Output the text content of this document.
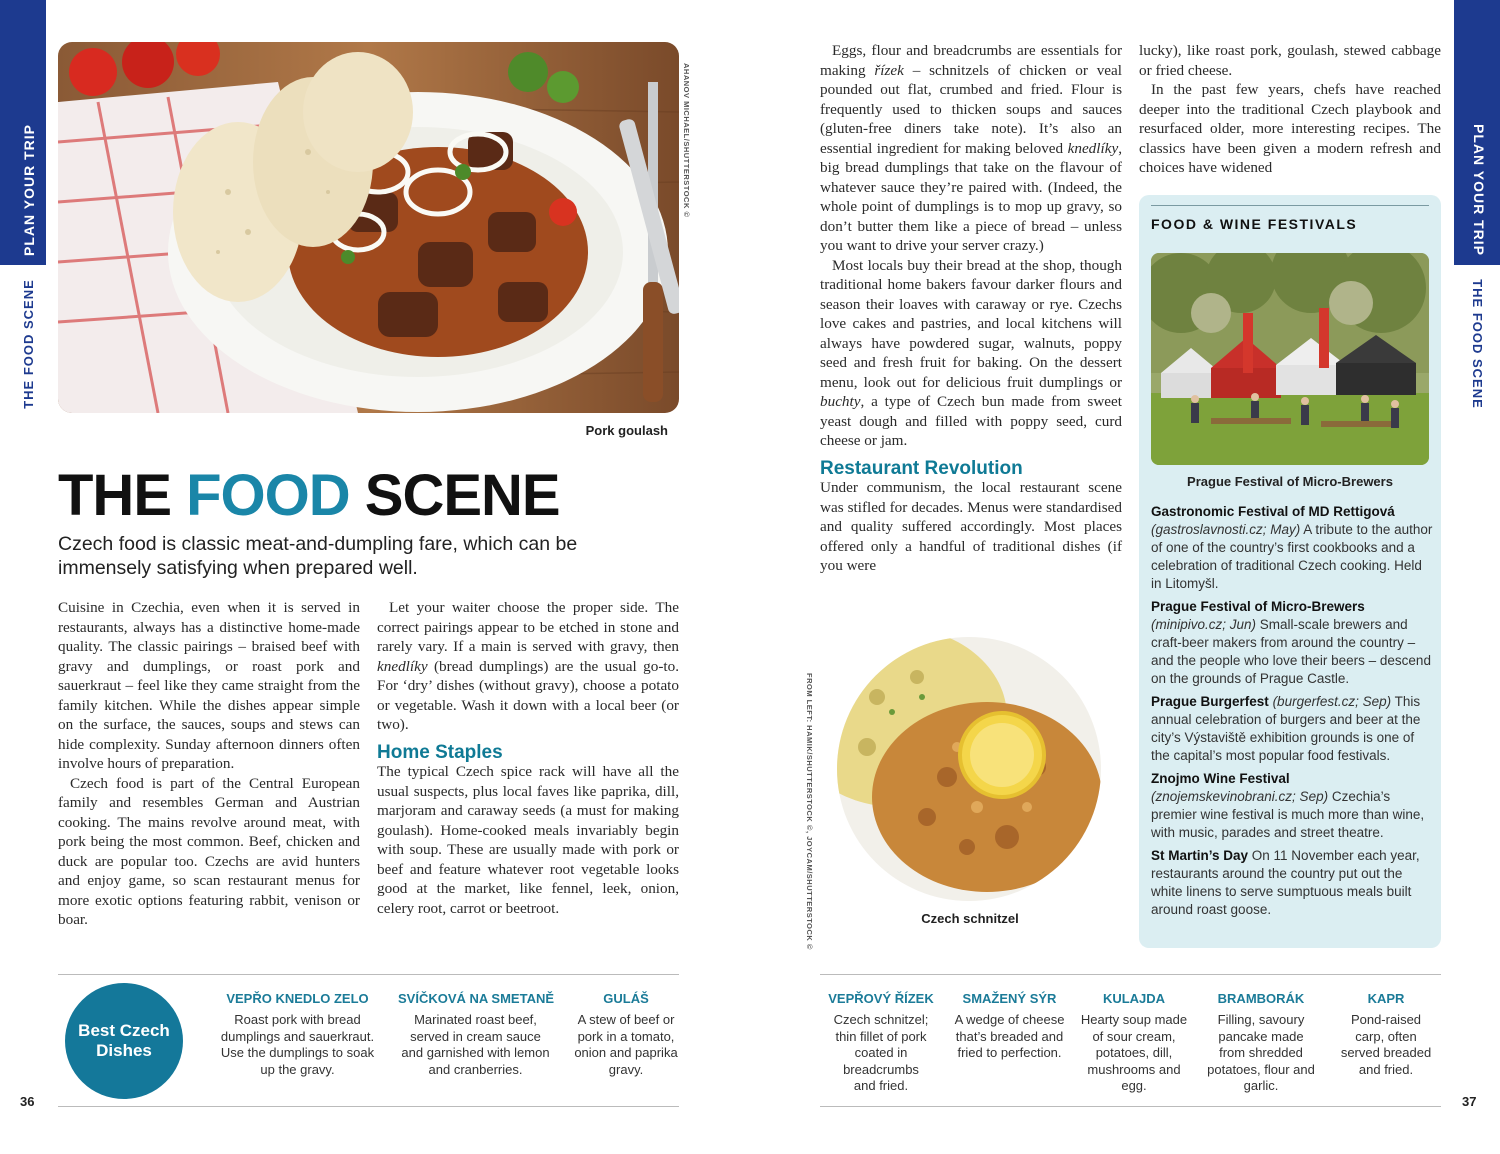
PLAN YOUR TRIP
THE FOOD SCENE
AHANOV MICHAEL/SHUTTERSTOCK ©
Pork goulash
THE FOOD SCENE
Czech food is classic meat-and-dumpling fare, which can be immensely satisfying when prepared well.

Cuisine in Czechia, even when it is served in restaurants, always has a distinctive home-made quality. The classic pairings – braised beef with gravy and dumplings, or roast pork and sauerkraut – feel like they came straight from the family kitchen. While the dishes appear simple on the surface, the sauces, soups and stews can hide complexity. Sunday afternoon dinners often involve hours of preparation.

Czech food is part of the Central European family and resembles German and Austrian cooking. The mains revolve around meat, with pork being the most common. Beef, chicken and duck are popular too. Czechs are avid hunters and enjoy game, so scan restaurant menus for more exotic options featuring rabbit, venison or boar.

Let your waiter choose the proper side. The correct pairings appear to be etched in stone and rarely vary. If a main is served with gravy, then knedlíky (bread dumplings) are the usual go-to. For ‘dry’ dishes (without gravy), choose a potato or vegetable. Wash it down with a local beer (or two).

Home Staples

The typical Czech spice rack will have all the usual suspects, plus local faves like paprika, dill, marjoram and caraway seeds (a must for making goulash). Home-cooked meals invariably begin with soup. These are usually made with pork or beef and feature whatever root vegetable looks good at the market, like fennel, leek, onion, celery root, carrot or beetroot.

Best Czech Dishes
VEPŘO KNEDLO ZELO
Roast pork with bread dumplings and sauerkraut. Use the dumplings to soak up the gravy.
SVÍČKOVÁ NA SMETANĚ
Marinated roast beef, served in cream sauce and garnished with lemon and cranberries.
GULÁŠ
A stew of beef or pork in a tomato, onion and paprika gravy.
36

Eggs, flour and breadcrumbs are essentials for making řízek – schnitzels of chicken or veal pounded out flat, crumbed and fried. Flour is frequently used to thicken soups and sauces (gluten-free diners take note). It’s also an essential ingredient for making beloved knedlíky, big bread dumplings that take on the flavour of whatever sauce they’re paired with. (Indeed, the whole point of dumplings is to mop up gravy, so don’t butter them like a piece of bread – unless you want to drive your server crazy.)

Most locals buy their bread at the shop, though traditional home bakers favour darker flours and season their loaves with caraway or rye. Czechs love cakes and pastries, and local kitchens will always have powdered sugar, walnuts, poppy seed and fresh fruit for baking. On the dessert menu, look out for delicious fruit dumplings or buchty, a type of Czech bun made from sweet yeast dough and filled with poppy seed, curd cheese or jam.

Restaurant Revolution

Under communism, the local restaurant scene was stifled for decades. Menus were standardised and quality suffered accordingly. Most places offered only a handful of traditional dishes (if you were

lucky), like roast pork, goulash, stewed cabbage or fried cheese.

In the past few years, chefs have reached deeper into the traditional Czech playbook and resurfaced older, more interesting recipes. The classics have been given a modern refresh and choices have widened

FROM LEFT: HAMIK/SHUTTERSTOCK ©, JOYCAM/SHUTTERSTOCK ©	Czech schnitzel
FOOD & WINE FESTIVALS
Prague Festival of Micro-Brewers
Gastronomic Festival of MD Rettigová (gastroslavnosti.cz; May) A tribute to the author of one of the country’s first cookbooks and a celebration of traditional Czech cooking. Held in Litomyšl.
Prague Festival of Micro-Brewers (minipivo.cz; Jun) Small-scale brewers and craft-beer makers from around the country – and the people who love their beers – descend on the grounds of Prague Castle.
Prague Burgerfest (burgerfest.cz; Sep) This annual celebration of burgers and beer at the city’s Výstaviště exhibition grounds is one of the capital’s most popular food festivals.
Znojmo Wine Festival (znojemskevinobrani.cz; Sep) Czechia’s premier wine festival is much more than wine, with music, parades and street theatre.
St Martin’s Day On 11 November each year, restaurants around the country put out the white linens to serve sumptuous meals built around roast goose.
PLAN YOUR TRIP
THE FOOD SCENE
VEPŘOVÝ ŘÍZEK
Czech schnitzel; thin fillet of pork coated in breadcrumbs and fried.
SMAŽENÝ SÝR
A wedge of cheese that’s breaded and fried to perfection.
KULAJDA
Hearty soup made of sour cream, potatoes, dill, mushrooms and egg.
BRAMBORÁK
Filling, savoury pancake made from shredded potatoes, flour and garlic.
KAPR
Pond-raised carp, often served breaded and fried.
37
